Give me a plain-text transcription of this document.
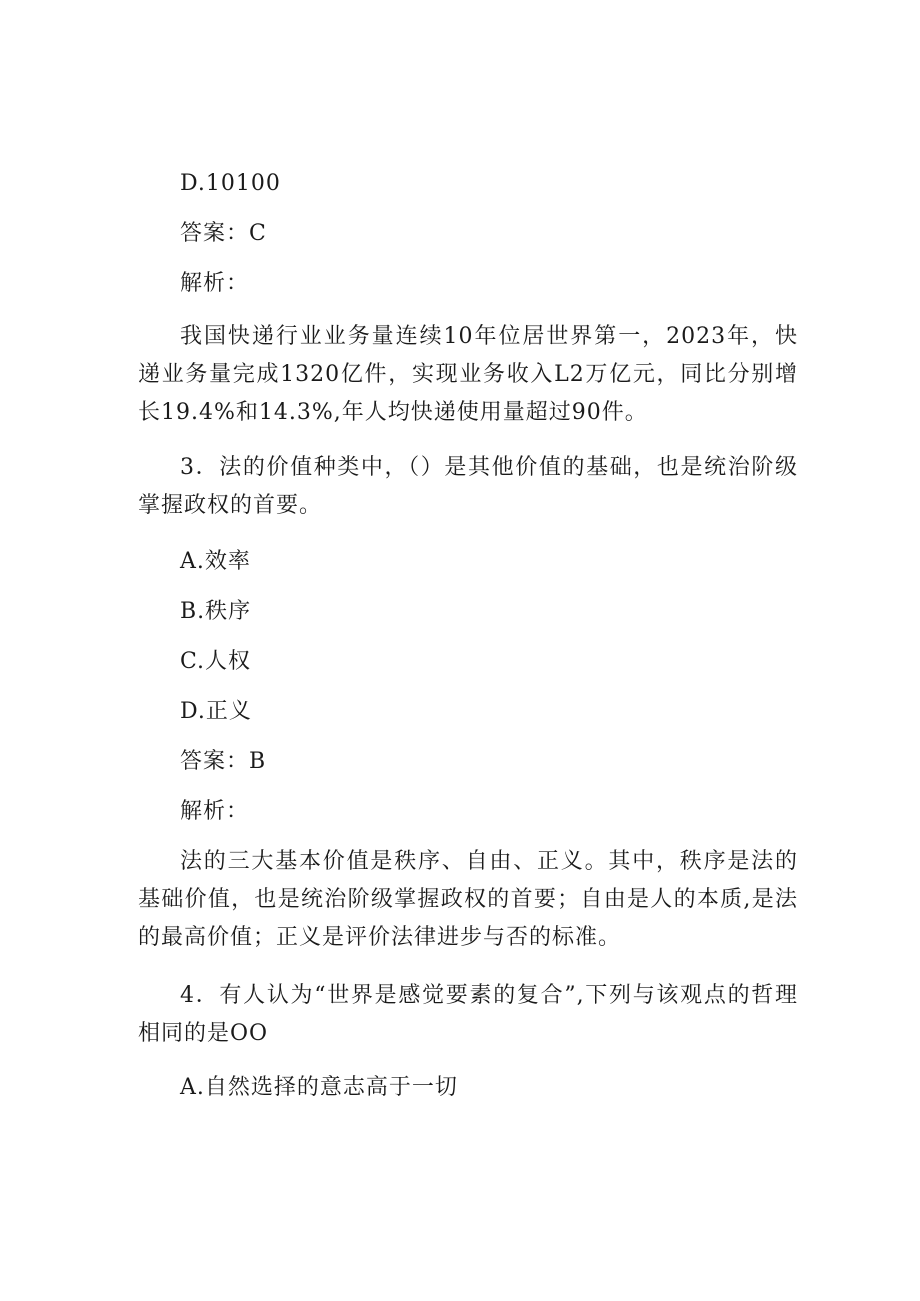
D.10100
答案：C
解析：

我国快递行业业务量连续10年位居世界第一，2023年，快递业务量完成1320亿件，实现业务收入L2万亿元，同比分别增长19.4%和14.3%,年人均快递使用量超过90件。

3．法的价值种类中，（）是其他价值的基础，也是统治阶级掌握政权的首要。

A.效率
B.秩序
C.人权
D.正义
答案：B
解析：

法的三大基本价值是秩序、自由、正义。其中，秩序是法的基础价值，也是统治阶级掌握政权的首要；自由是人的本质,是法的最高价值；正义是评价法律进步与否的标准。

4．有人认为“世界是感觉要素的复合”,下列与该观点的哲理相同的是OO

A.自然选择的意志高于一切
